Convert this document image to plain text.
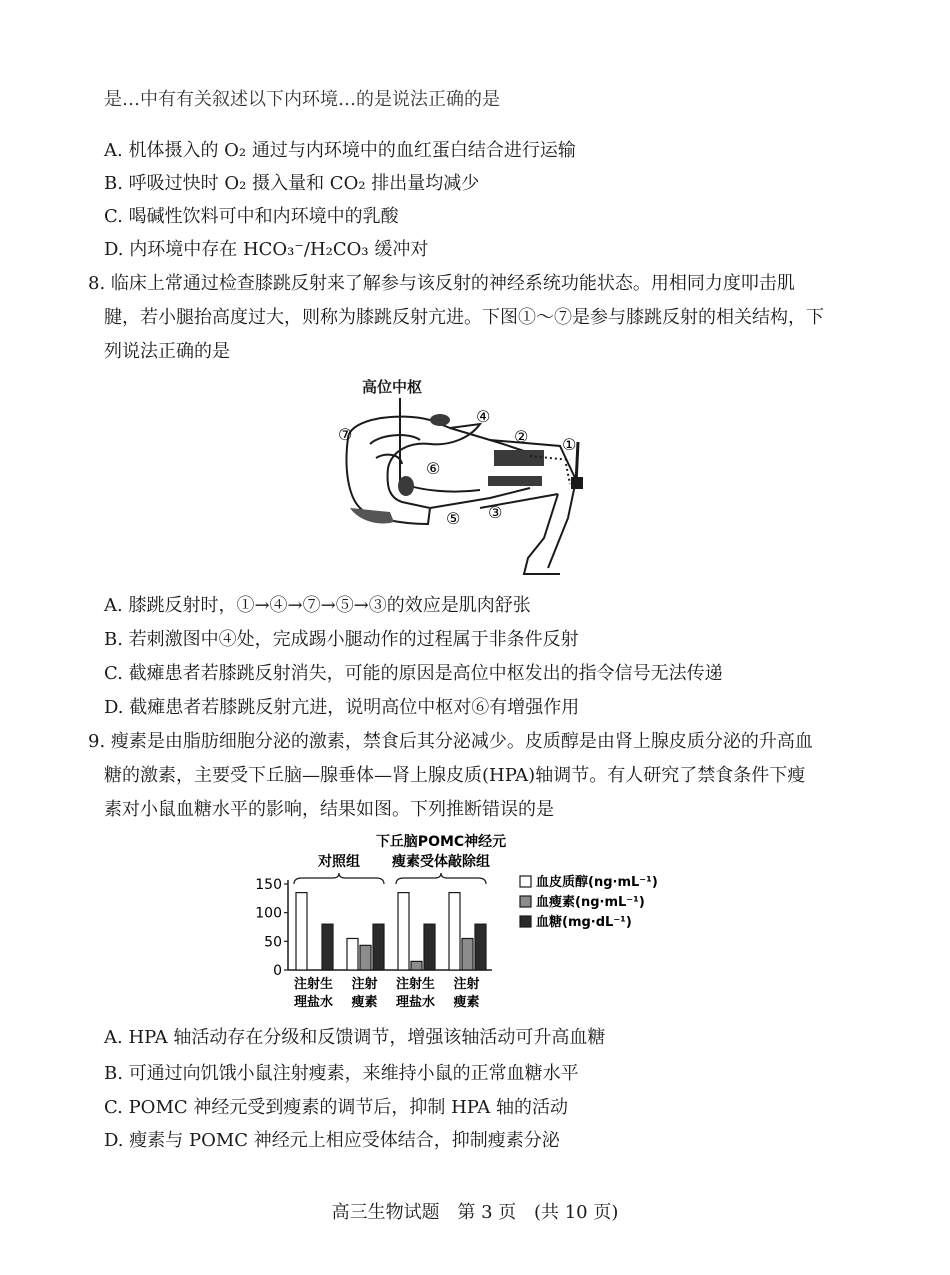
是…中有有关叙述以下内环境…的是说法正确的是
A. 机体摄入的 O₂ 通过与内环境中的血红蛋白结合进行运输
B. 呼吸过快时 O₂ 摄入量和 CO₂ 排出量均减少
C. 喝碱性饮料可中和内环境中的乳酸
D. 内环境中存在 HCO₃⁻/H₂CO₃ 缓冲对
8. 临床上常通过检查膝跳反射来了解参与该反射的神经系统功能状态。用相同力度叩击肌
腱，若小腿抬高度过大，则称为膝跳反射亢进。下图①～⑦是参与膝跳反射的相关结构，下
列说法正确的是
高位中枢
①
②
③
④
⑤
⑥
⑦
A. 膝跳反射时，①→④→⑦→⑤→③的效应是肌肉舒张
B. 若刺激图中④处，完成踢小腿动作的过程属于非条件反射
C. 截瘫患者若膝跳反射消失，可能的原因是高位中枢发出的指令信号无法传递
D. 截瘫患者若膝跳反射亢进，说明高位中枢对⑥有增强作用
9. 瘦素是由脂肪细胞分泌的激素，禁食后其分泌减少。皮质醇是由肾上腺皮质分泌的升高血
糖的激素，主要受下丘脑—腺垂体—肾上腺皮质(HPA)轴调节。有人研究了禁食条件下瘦
素对小鼠血糖水平的影响，结果如图。下列推断错误的是
对照组
下丘脑POMC神经元
瘦素受体敲除组
0
50
100
150
注射生
理盐水
注射
瘦素
注射生
理盐水
注射
瘦素
血皮质醇(ng·mL⁻¹)
血瘦素(ng·mL⁻¹)
血糖(mg·dL⁻¹)
A. HPA 轴活动存在分级和反馈调节，增强该轴活动可升高血糖
B. 可通过向饥饿小鼠注射瘦素，来维持小鼠的正常血糖水平
C. POMC 神经元受到瘦素的调节后，抑制 HPA 轴的活动
D. 瘦素与 POMC 神经元上相应受体结合，抑制瘦素分泌
高三生物试题 第 3 页 (共 10 页)
